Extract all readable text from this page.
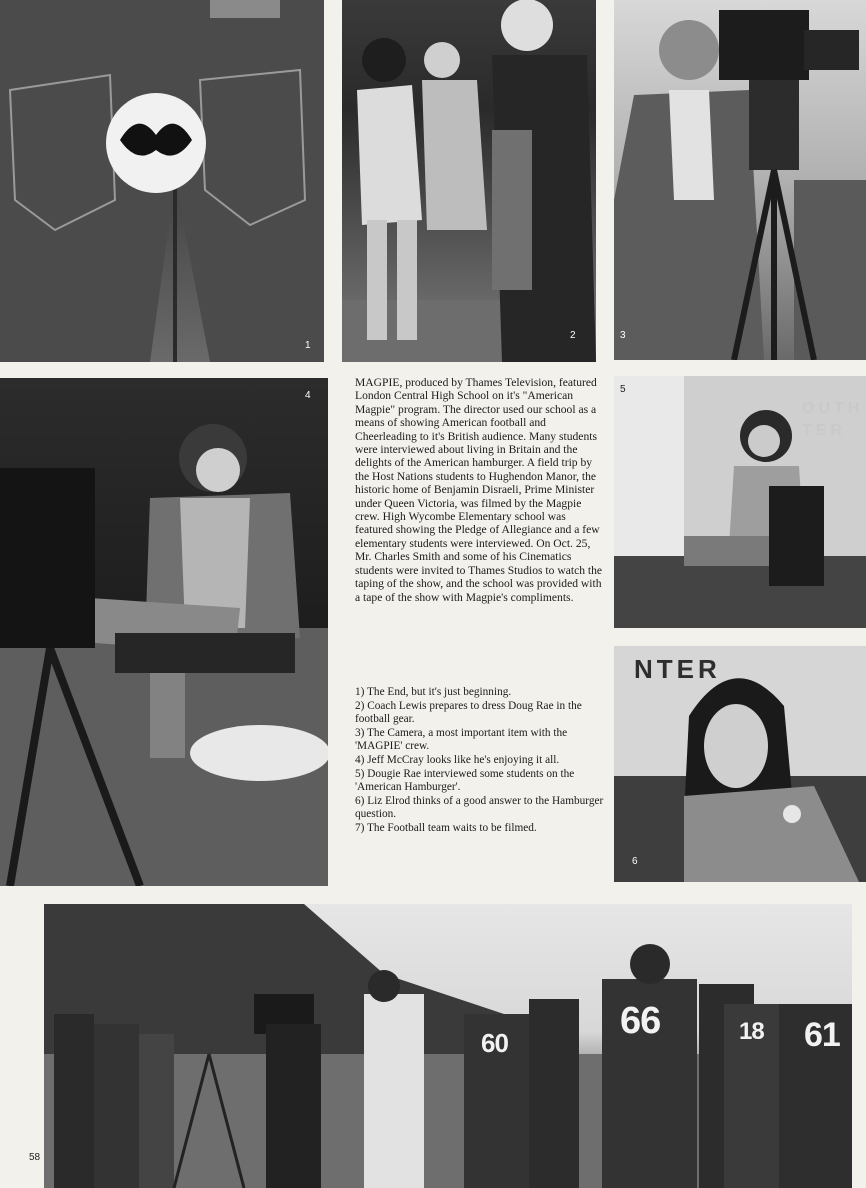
1
2	3
4

MAGPIE, produced by Thames Television, featured London Central High School on it's "American Magpie" program. The director used our school as a means of showing American football and Cheerleading to it's British audience. Many students were interviewed about living in Britain and the delights of the American hamburger. A field trip by the Host Nations students to Hughendon Manor, the historic home of Benjamin Disraeli, Prime Minister under Queen Victoria, was filmed by the Magpie crew. High Wycombe Elementary school was featured showing the Pledge of Allegiance and a few elementary students were interviewed. On Oct. 25, Mr. Charles Smith and some of his Cinematics students were invited to Thames Studios to watch the taping of the show, and the school was provided with a tape of the show with Magpie's compliments.

OUTH
TER
5
1) The End, but it's just beginning.
2) Coach Lewis prepares to dress Doug Rae in the football gear.
3) The Camera, a most important item with the 'MAGPIE' crew.
4) Jeff McCray looks like he's enjoying it all.
5) Dougie Rae interviewed some students on the 'American Hamburger'.
6) Liz Elrod thinks of a good answer to the Hamburger question.
7) The Football team waits to be filmed.
NTER
6
60
66	18 61
58
